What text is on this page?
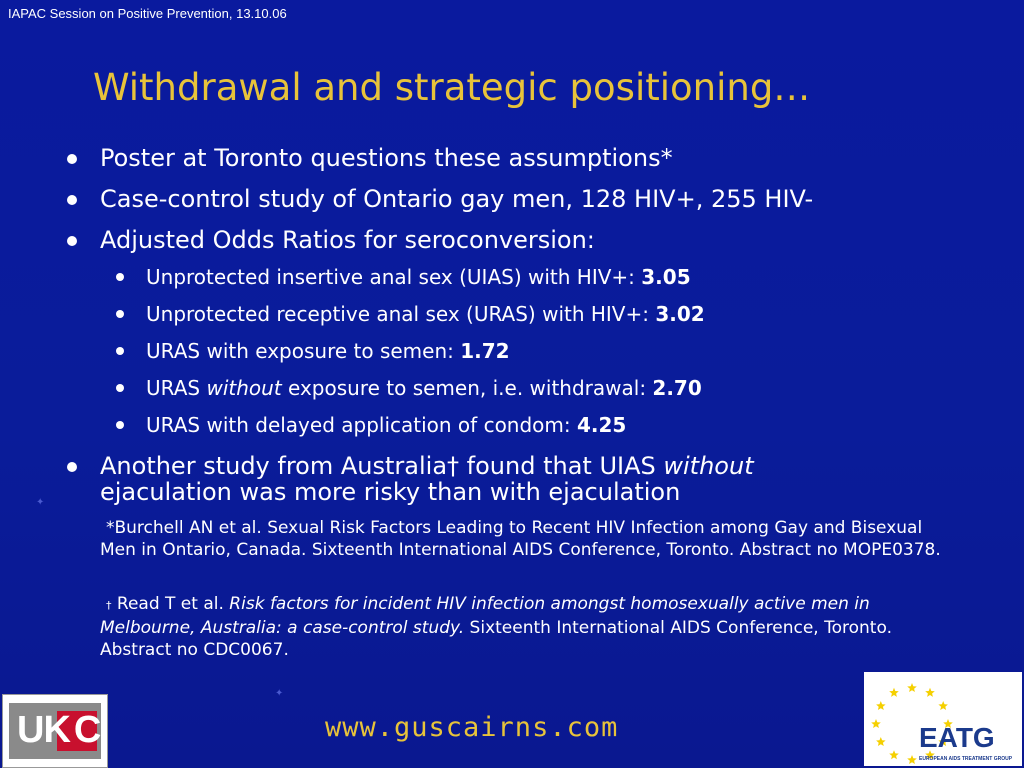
IAPAC Session on Positive Prevention, 13.10.06
Withdrawal and strategic positioning…
Poster at Toronto questions these assumptions*
Case-control study of Ontario gay men, 128 HIV+, 255 HIV-
Adjusted Odds Ratios for seroconversion:
Unprotected insertive anal sex (UIAS) with HIV+: 3.05
Unprotected receptive anal sex (URAS) with HIV+: 3.02
URAS with exposure to semen: 1.72
URAS without exposure to semen, i.e. withdrawal: 2.70
URAS with delayed application of condom: 4.25
Another study from Australia† found that UIAS without
ejaculation was more risky than with ejaculation
*Burchell AN et al. Sexual Risk Factors Leading to Recent HIV Infection among Gay and Bisexual Men in Ontario, Canada. Sixteenth International AIDS Conference, Toronto. Abstract no MOPE0378.
† Read T et al. Risk factors for incident HIV infection amongst homosexually active men in Melbourne, Australia: a case-control study. Sixteenth International AIDS Conference, Toronto. Abstract no CDC0067.
✦
✦
www.guscairns.com
UK C	EATG
EUROPEAN AIDS TREATMENT GROUP
